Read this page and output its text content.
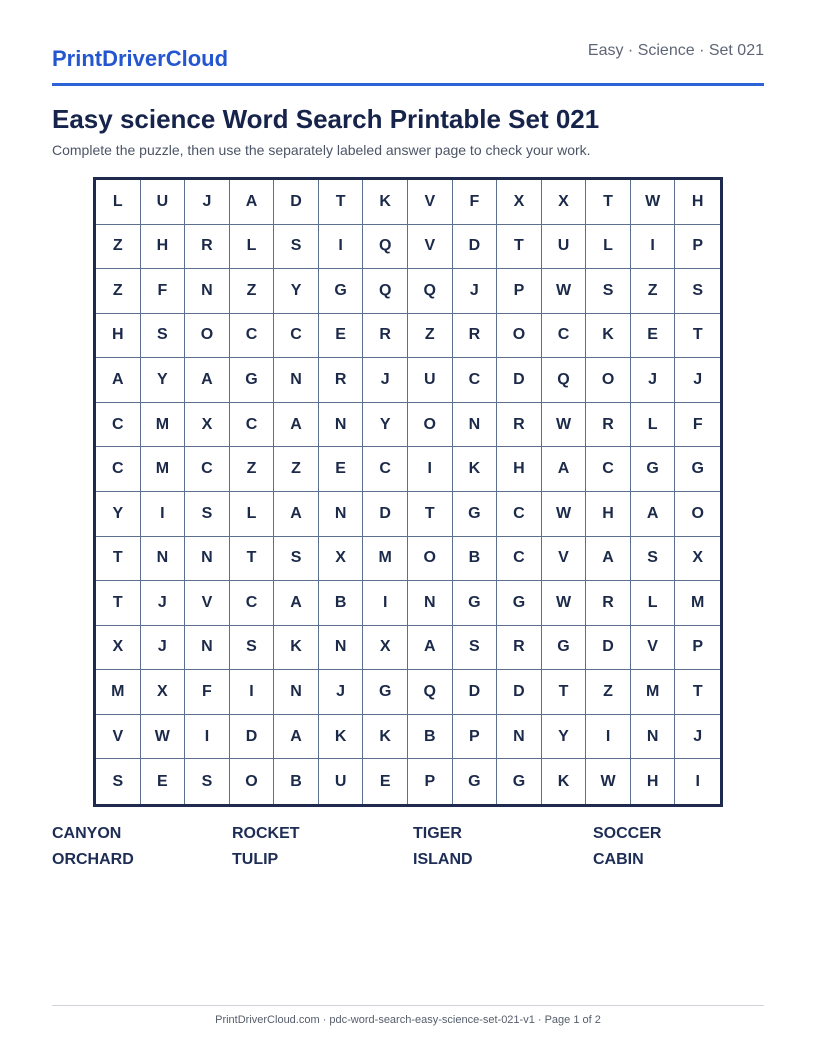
PrintDriverCloud	Easy · Science · Set 021
Easy science Word Search Printable Set 021
Complete the puzzle, then use the separately labeled answer page to check your work.
L	U	J	A	D	T	K	V	F	X	X	T	W	H
Z	H	R	L	S	I	Q	V	D	T	U	L	I	P
Z	F	N	Z	Y	G	Q	Q	J	P	W	S	Z	S
H	S	O	C	C	E	R	Z	R	O	C	K	E	T
A	Y	A	G	N	R	J	U	C	D	Q	O	J	J
C	M	X	C	A	N	Y	O	N	R	W	R	L	F
C	M	C	Z	Z	E	C	I	K	H	A	C	G	G
Y	I	S	L	A	N	D	T	G	C	W	H	A	O
T	N	N	T	S	X	M	O	B	C	V	A	S	X
T	J	V	C	A	B	I	N	G	G	W	R	L	M
X	J	N	S	K	N	X	A	S	R	G	D	V	P
M	X	F	I	N	J	G	Q	D	D	T	Z	M	T
V	W	I	D	A	K	K	B	P	N	Y	I	N	J
S	E	S	O	B	U	E	P	G	G	K	W	H	I
CANYON	ROCKET	TIGER	SOCCER
ORCHARD	TULIP	ISLAND	CABIN
PrintDriverCloud.com · pdc-word-search-easy-science-set-021-v1 · Page 1 of 2
